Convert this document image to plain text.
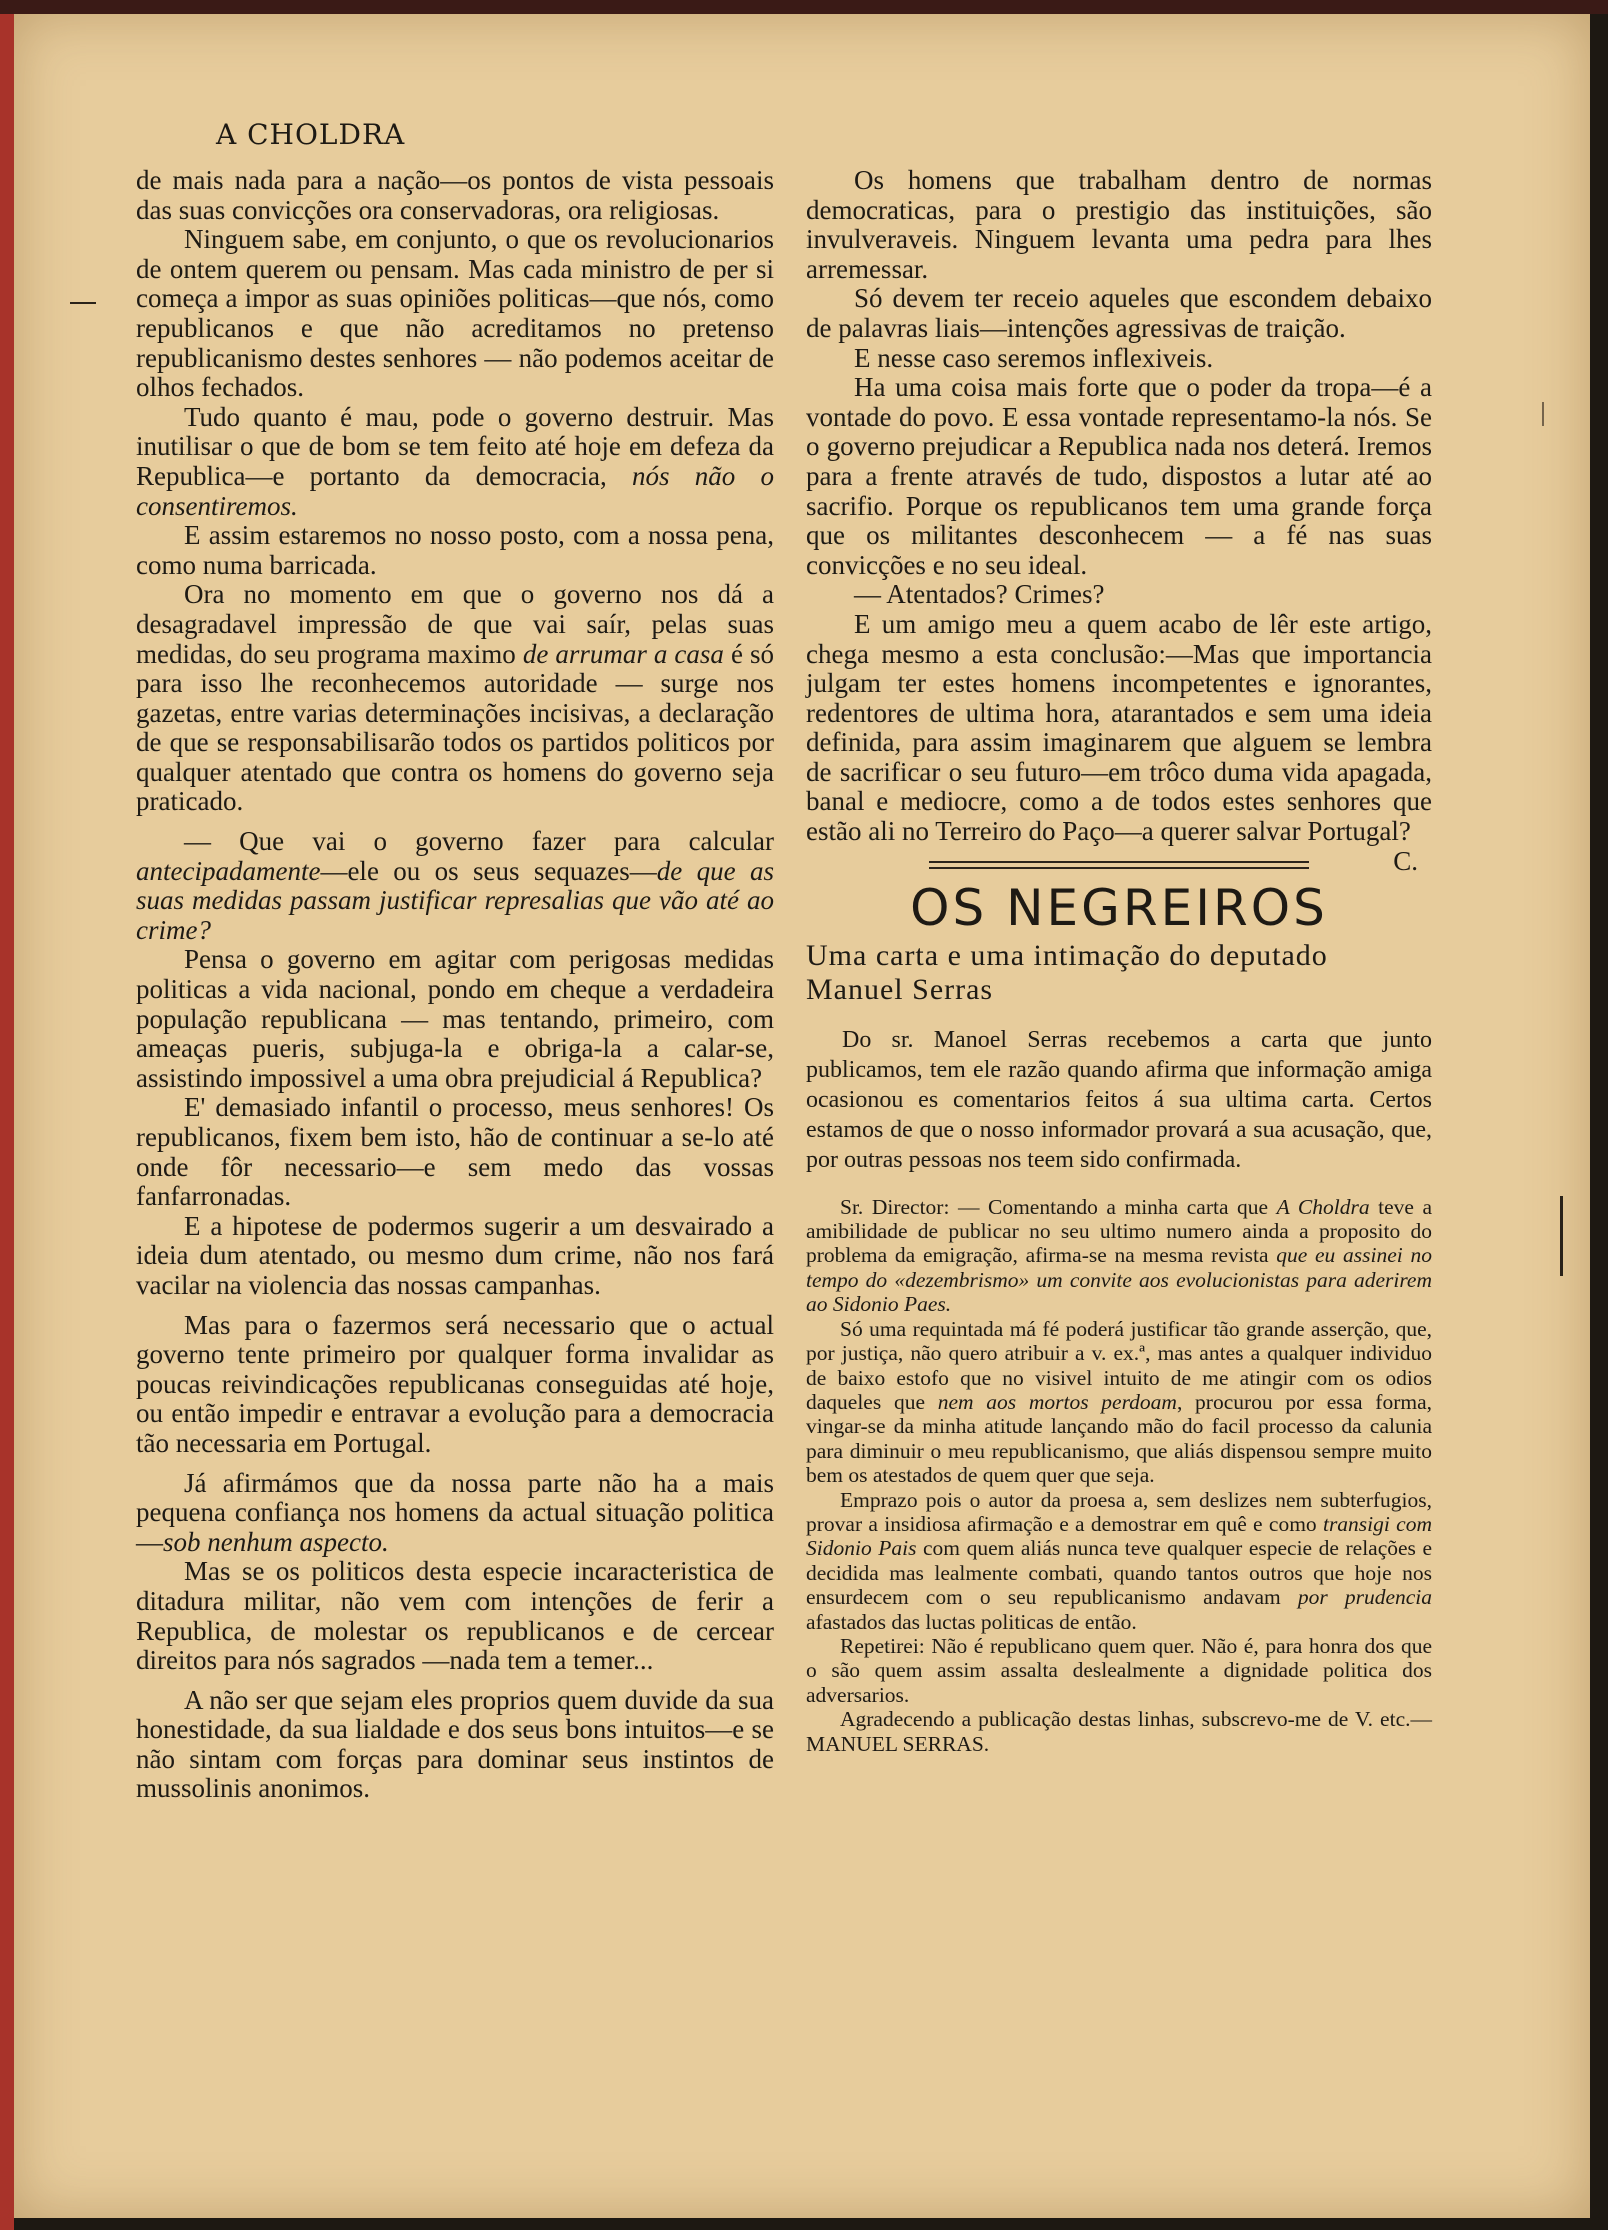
A CHOLDRA

de mais nada para a nação—os pontos de vista pessoais das suas convicções ora conservadoras, ora religiosas.

Ninguem sabe, em conjunto, o que os revolucionarios de ontem querem ou pensam. Mas cada ministro de per si começa a impor as suas opiniões politicas—que nós, como republicanos e que não acreditamos no pretenso republicanismo destes senhores — não podemos aceitar de olhos fechados.

Tudo quanto é mau, pode o governo destruir. Mas inutilisar o que de bom se tem feito até hoje em defeza da Republica—e portanto da democracia, nós não o consentiremos.

E assim estaremos no nosso posto, com a nossa pena, como numa barricada.

Ora no momento em que o governo nos dá a desagradavel impressão de que vai saír, pelas suas medidas, do seu programa maximo de arrumar a casa é só para isso lhe reconhecemos autoridade — surge nos gazetas, entre varias determinações incisivas, a declaração de que se responsabilisarão todos os partidos politicos por qualquer atentado que contra os homens do governo seja praticado.

— Que vai o governo fazer para calcular antecipadamente—ele ou os seus sequazes—de que as suas medidas passam justificar represalias que vão até ao crime?

Pensa o governo em agitar com perigosas medidas politicas a vida nacional, pondo em cheque a verdadeira população republicana — mas tentando, primeiro, com ameaças pueris, subjuga-la e obriga-la a calar-se, assistindo impossivel a uma obra prejudicial á Republica?

E' demasiado infantil o processo, meus senhores! Os republicanos, fixem bem isto, hão de continuar a se-lo até onde fôr necessario—e sem medo das vossas fanfarronadas.

E a hipotese de podermos sugerir a um desvairado a ideia dum atentado, ou mesmo dum crime, não nos fará vacilar na violencia das nossas campanhas.

Mas para o fazermos será necessario que o actual governo tente primeiro por qualquer forma invalidar as poucas reivindicações republicanas conseguidas até hoje, ou então impedir e entravar a evolução para a democracia tão necessaria em Portugal.

Já afirmámos que da nossa parte não ha a mais pequena confiança nos homens da actual situação politica—sob nenhum aspecto.

Mas se os politicos desta especie incaracteristica de ditadura militar, não vem com intenções de ferir a Republica, de molestar os republicanos e de cercear direitos para nós sagrados —nada tem a temer...

A não ser que sejam eles proprios quem duvide da sua honestidade, da sua lialdade e dos seus bons intuitos—e se não sintam com forças para dominar seus instintos de mussolinis anonimos.

Os homens que trabalham dentro de normas democraticas, para o prestigio das instituições, são invulveraveis. Ninguem levanta uma pedra para lhes arremessar.

Só devem ter receio aqueles que escondem debaixo de palavras liais—intenções agressivas de traição.

E nesse caso seremos inflexiveis.

Ha uma coisa mais forte que o poder da tropa—é a vontade do povo. E essa vontade representamo-la nós. Se o governo prejudicar a Republica nada nos deterá. Iremos para a frente através de tudo, dispostos a lutar até ao sacrifio. Porque os republicanos tem uma grande força que os militantes desconhecem — a fé nas suas convicções e no seu ideal.

— Atentados? Crimes?

E um amigo meu a quem acabo de lêr este artigo, chega mesmo a esta conclusão:—Mas que importancia julgam ter estes homens incompetentes e ignorantes, redentores de ultima hora, atarantados e sem uma ideia definida, para assim imaginarem que alguem se lembra de sacrificar o seu futuro—em trôco duma vida apagada, banal e mediocre, como a de todos estes senhores que estão ali no Terreiro do Paço—a querer salvar Portugal?
C.

OS NEGREIROS

Uma carta e uma intimação do deputado

Manuel Serras

Do sr. Manoel Serras recebemos a carta que junto publicamos, tem ele razão quando afirma que informação amiga ocasionou es comentarios feitos á sua ultima carta. Certos estamos de que o nosso informador provará a sua acusação, que, por outras pessoas nos teem sido confirmada.

Sr. Director: — Comentando a minha carta que A Choldra teve a amibilidade de publicar no seu ultimo numero ainda a proposito do problema da emigração, afirma-se na mesma revista que eu assinei no tempo do «dezembrismo» um convite aos evolucionistas para aderirem ao Sidonio Paes.

Só uma requintada má fé poderá justificar tão grande asserção, que, por justiça, não quero atribuir a v. ex.ª, mas antes a qualquer individuo de baixo estofo que no visivel intuito de me atingir com os odios daqueles que nem aos mortos perdoam, procurou por essa forma, vingar-se da minha atitude lançando mão do facil processo da calunia para diminuir o meu republicanismo, que aliás dispensou sempre muito bem os atestados de quem quer que seja.

Emprazo pois o autor da proesa a, sem deslizes nem subterfugios, provar a insidiosa afirmação e a demostrar em quê e como transigi com Sidonio Pais com quem aliás nunca teve qualquer especie de relações e decidida mas lealmente combati, quando tantos outros que hoje nos ensurdecem com o seu republicanismo andavam por prudencia afastados das luctas politicas de então.

Repetirei: Não é republicano quem quer. Não é, para honra dos que o são quem assim assalta deslealmente a dignidade politica dos adversarios.

Agradecendo a publicação destas linhas, subscrevo-me de V. etc.— MANUEL SERRAS.
